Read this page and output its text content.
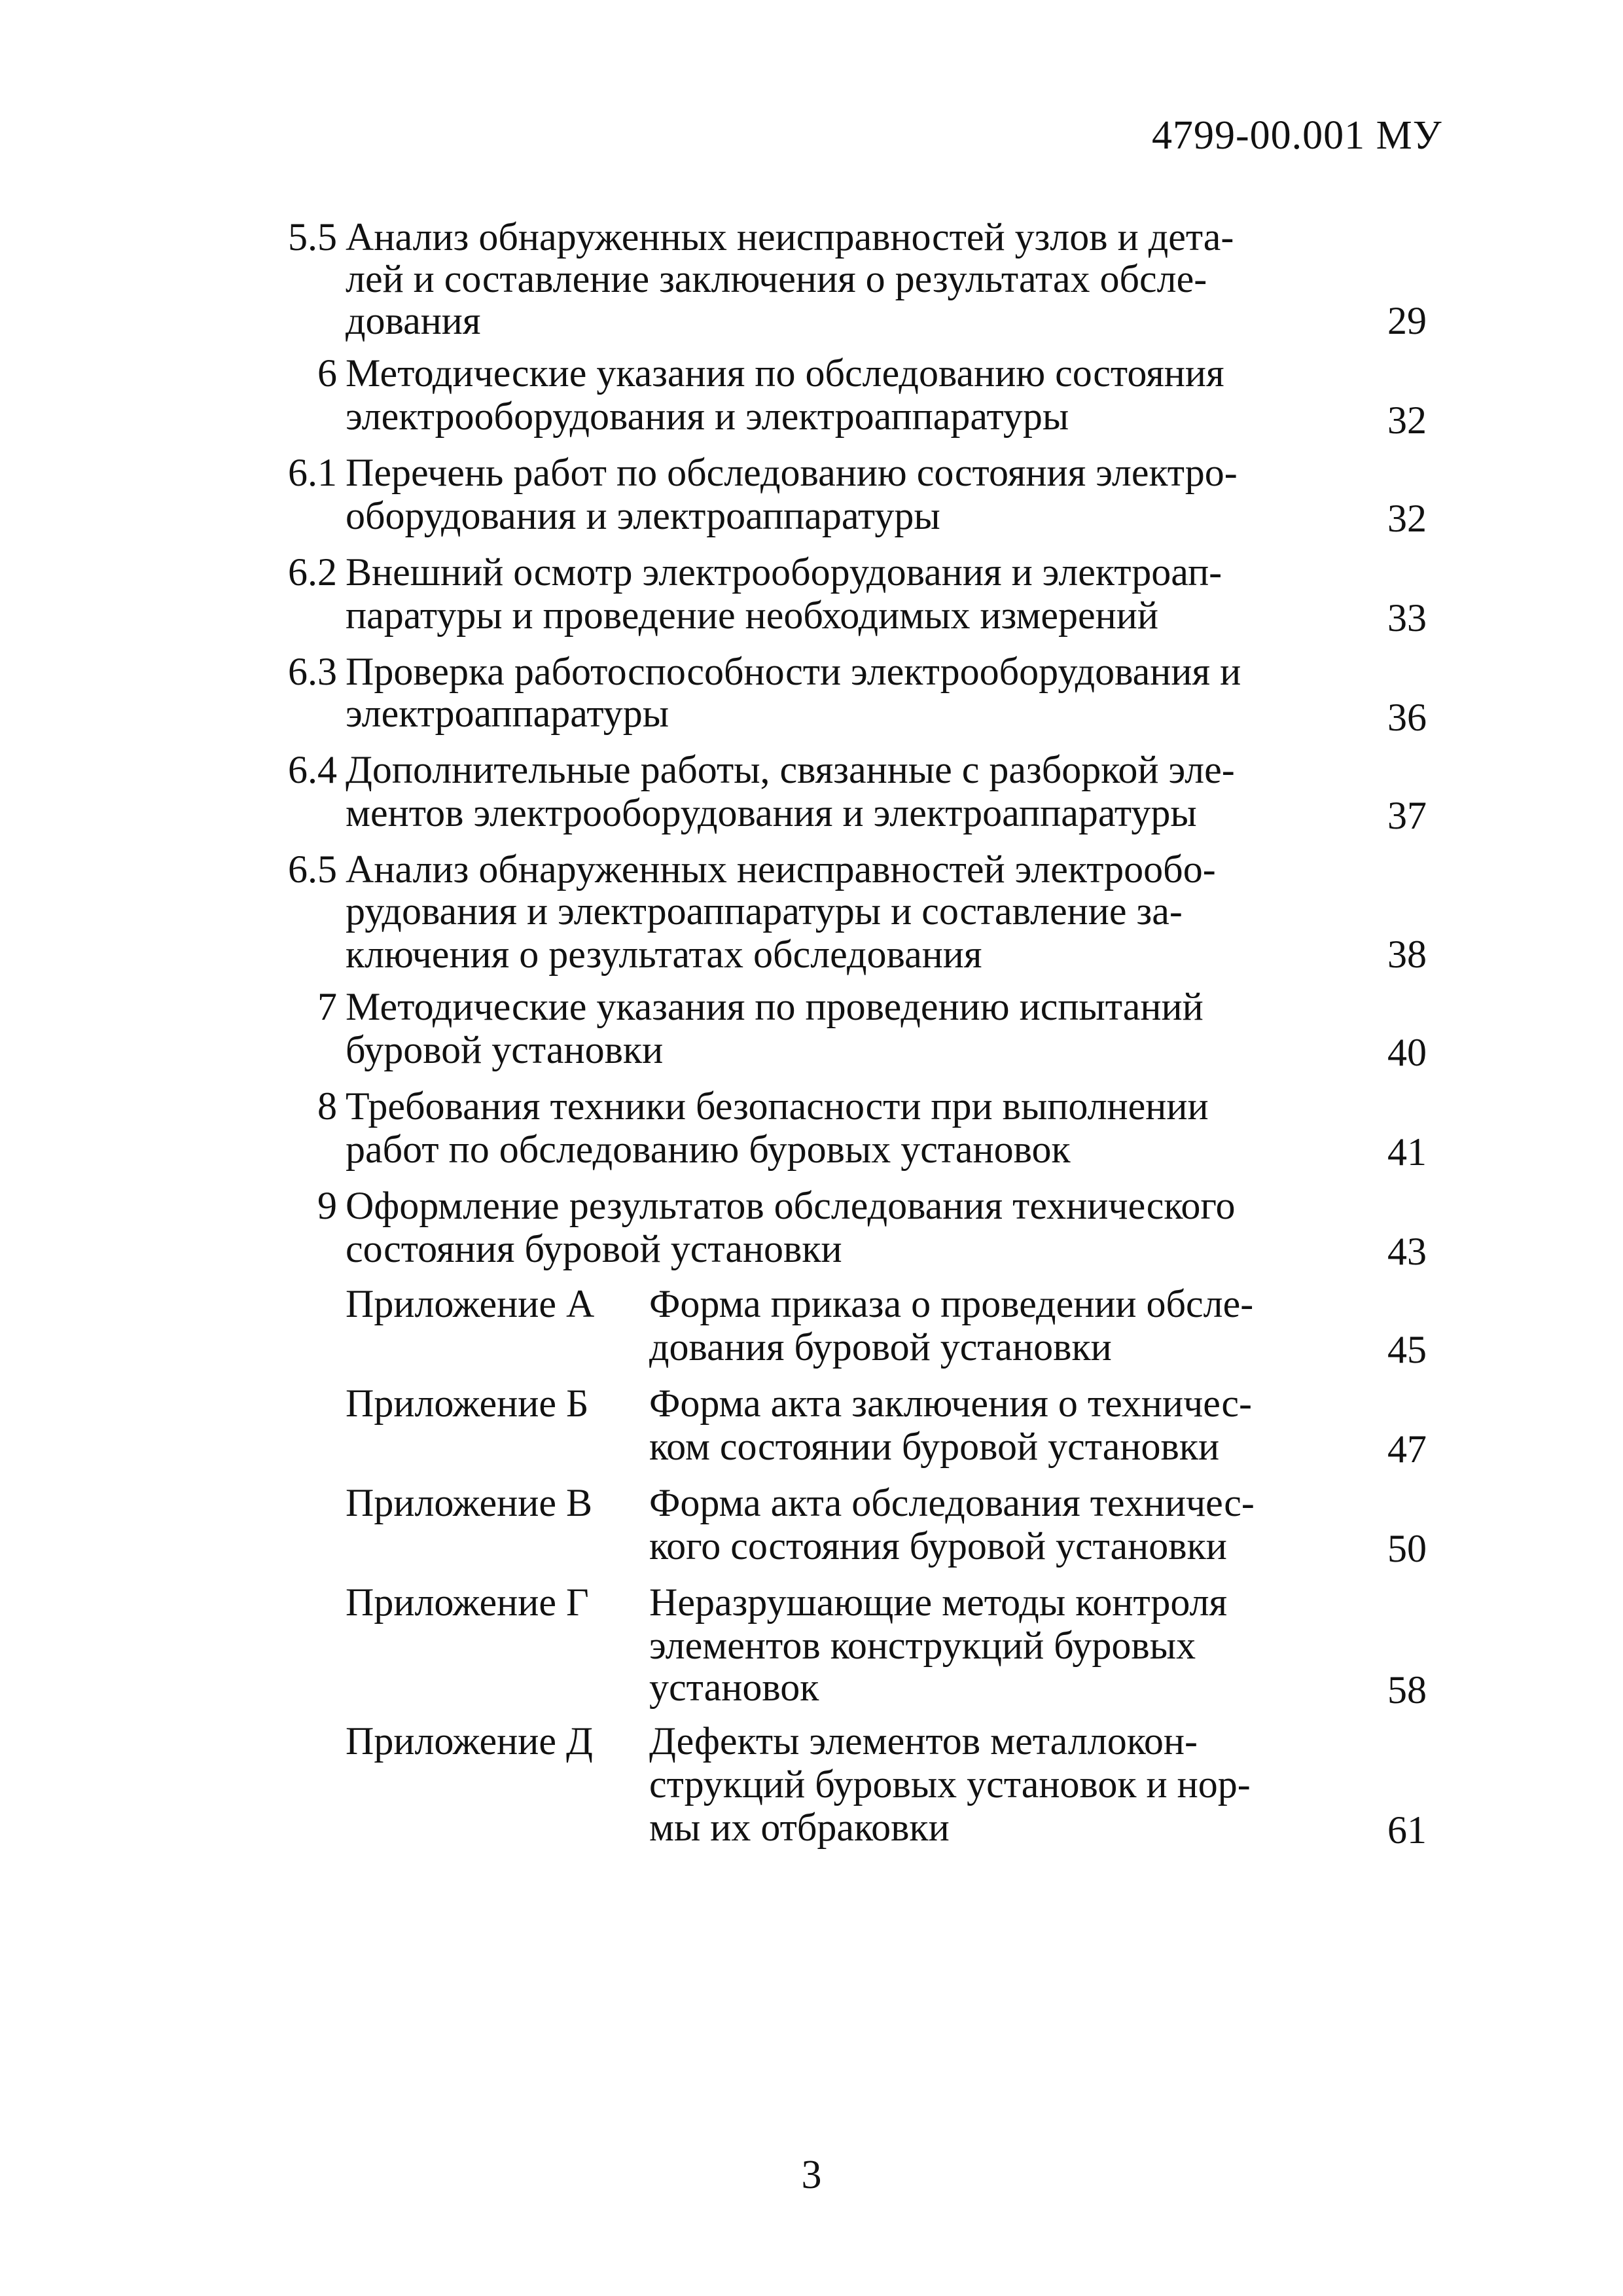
4799-00.001 МУ

5.5 Анализ обнаруженных неисправностей узлов и дета-

лей и составление заключения о результатах обсле-

дования	29

6 Методические указания по обследованию состояния

электрооборудования и электроаппаратуры	32

6.1 Перечень работ по обследованию состояния электро-

оборудования и электроаппаратуры	32

6.2 Внешний осмотр электрооборудования и электроап-

паратуры и проведение необходимых измерений	33

6.3 Проверка работоспособности электрооборудования и

электроаппаратуры	36

6.4 Дополнительные работы, связанные с разборкой эле-

ментов электрооборудования и электроаппаратуры	37

6.5 Анализ обнаруженных неисправностей электрообо-

рудования и электроаппаратуры и составление за-

ключения о результатах обследования	38

7 Методические указания по проведению испытаний

буровой установки	40

8 Требования техники безопасности при выполнении

работ по обследованию буровых установок	41

9 Оформление результатов обследования технического

состояния буровой установки	43

Приложение А Форма приказа о проведении обсле-

дования буровой установки	45

Приложение Б Форма акта заключения о техничес-

ком состоянии буровой установки	47

Приложение В Форма акта обследования техничес-

кого состояния буровой установки	50

Приложение Г Неразрушающие методы контроля

элементов конструкций буровых

установок	58

Приложение Д Дефекты элементов металлокон-

струкций буровых установок и нор-

мы их отбраковки	61

3
